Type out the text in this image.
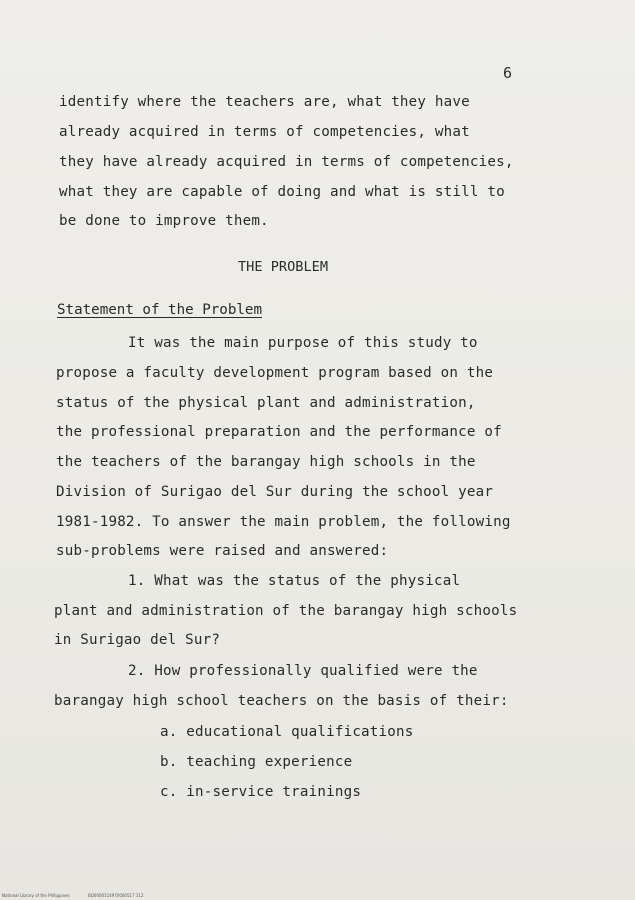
6
identify where the teachers are, what they have
already acquired in terms of competencies, what
they have already acquired in terms of competencies,
what they are capable of doing and what is still to
be done to improve them.
THE PROBLEM
Statement of the Problem
It was the main purpose of this study to
propose a faculty development program based on the
status of the physical plant and administration,
the professional preparation and the performance of
the teachers of the barangay high schools in the
Division of Surigao del Sur during the school year
1981-1982. To answer the main problem, the following
sub-problems were raised and answered:
1. What was the status of the physical
plant and administration of the barangay high schools
in Surigao del Sur?
2. How professionally qualified were the
barangay high school teachers on the basis of their:
a. educational qualifications
b. teaching experience
c. in-service trainings
National Library of the Philippines	BQ0000114970000517 112
